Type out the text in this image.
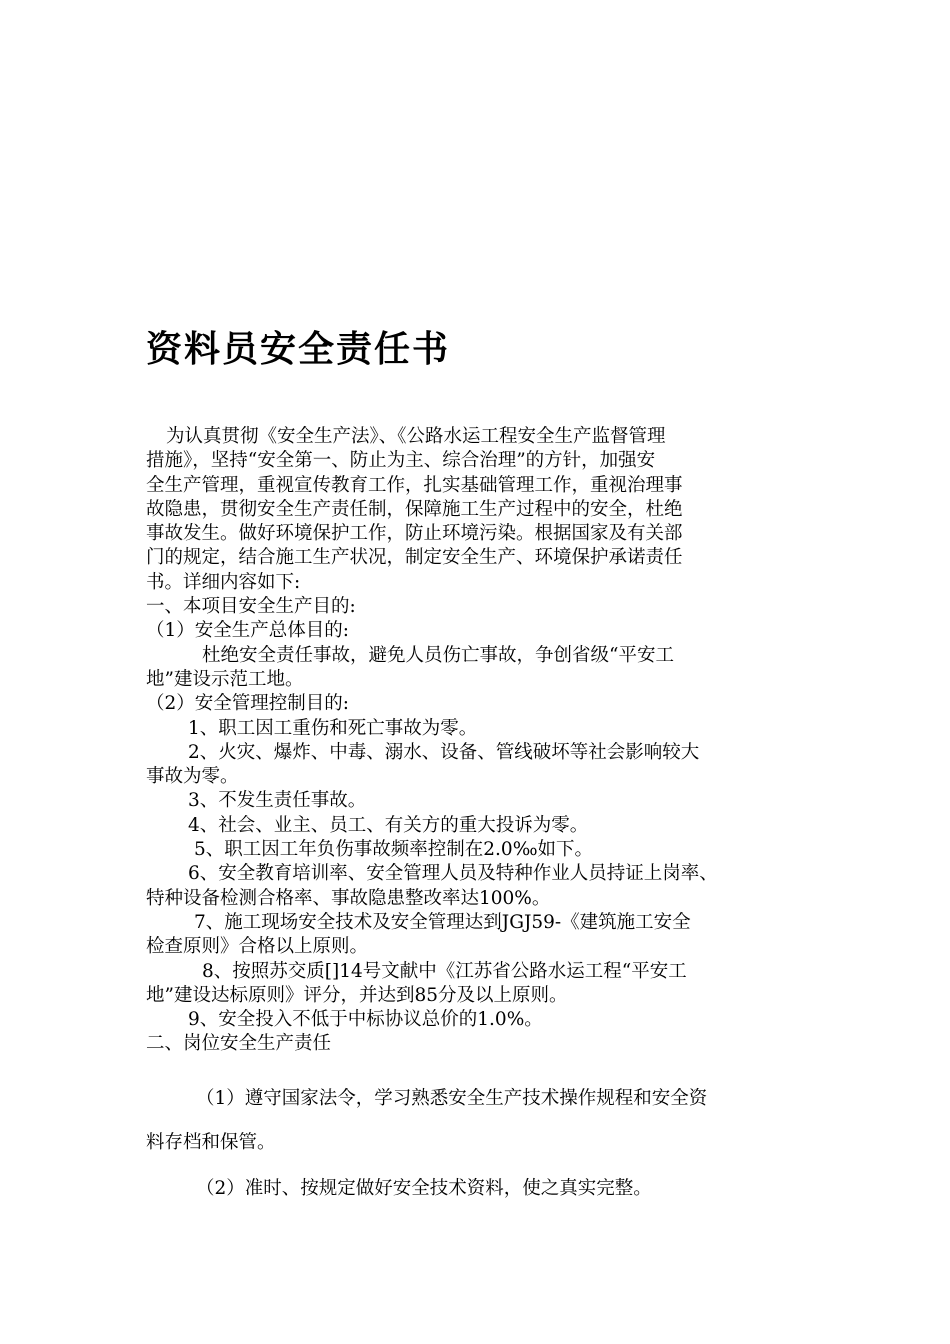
资料员安全责任书
为认真贯彻《安全生产法》、《公路水运工程安全生产监督管理
措施》，坚持“安全第一、防止为主、综合治理”的方针，加强安
全生产管理，重视宣传教育工作，扎实基础管理工作，重视治理事
故隐患，贯彻安全生产责任制，保障施工生产过程中的安全，杜绝
事故发生。做好环境保护工作，防止环境污染。根据国家及有关部
门的规定，结合施工生产状况，制定安全生产、环境保护承诺责任
书。详细内容如下:
一、本项目安全生产目的:
（1）安全生产总体目的:
杜绝安全责任事故，避免人员伤亡事故，争创省级“平安工
地”建设示范工地。
（2）安全管理控制目的:
1、职工因工重伤和死亡事故为零。
2、火灾、爆炸、中毒、溺水、设备、管线破坏等社会影响较大
事故为零。
3、不发生责任事故。
4、社会、业主、员工、有关方的重大投诉为零。
5、职工因工年负伤事故频率控制在2.0‰如下。
6、安全教育培训率、安全管理人员及特种作业人员持证上岗率、
特种设备检测合格率、事故隐患整改率达100%。
7、施工现场安全技术及安全管理达到JGJ59-《建筑施工安全
检查原则》合格以上原则。
8、按照苏交质[]14号文献中《江苏省公路水运工程“平安工
地”建设达标原则》评分，并达到85分及以上原则。
9、安全投入不低于中标协议总价的1.0%。
二、岗位安全生产责任
（1）遵守国家法令，学习熟悉安全生产技术操作规程和安全资
料存档和保管。
（2）准时、按规定做好安全技术资料，使之真实完整。
